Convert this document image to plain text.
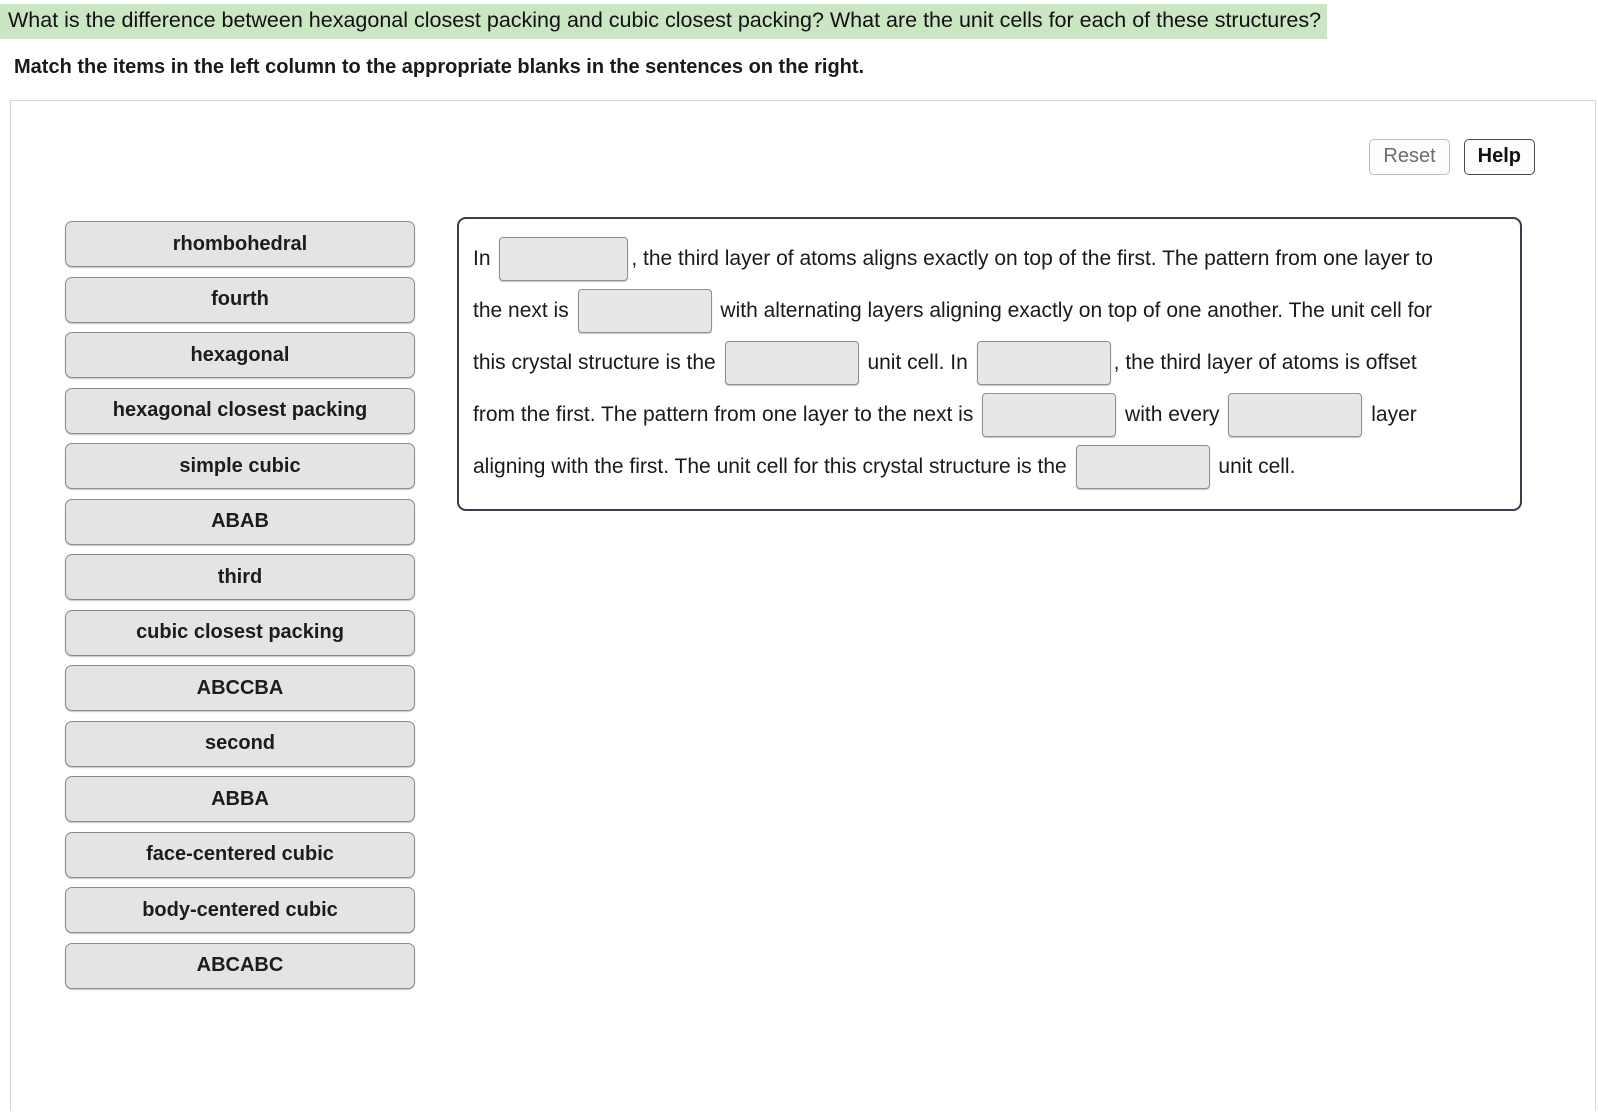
What is the difference between hexagonal closest packing and cubic closest packing? What are the unit cells for each of these structures?
Match the items in the left column to the appropriate blanks in the sentences on the right.
Reset	Help
rhombohedral
fourth
hexagonal
hexagonal closest packing
simple cubic
ABAB
third
cubic closest packing
ABCCBA
second
ABBA
face-centered cubic
body-centered cubic
ABCABC
In	, the third layer of atoms aligns exactly on top of the first. The pattern from one layer to the next is	with alternating layers aligning exactly on top of one another. The unit cell for this crystal structure is the	unit cell. In	, the third layer of atoms is offset from the first. The pattern from one layer to the next is	with every	layer aligning with the first. The unit cell for this crystal structure is the	unit cell.
